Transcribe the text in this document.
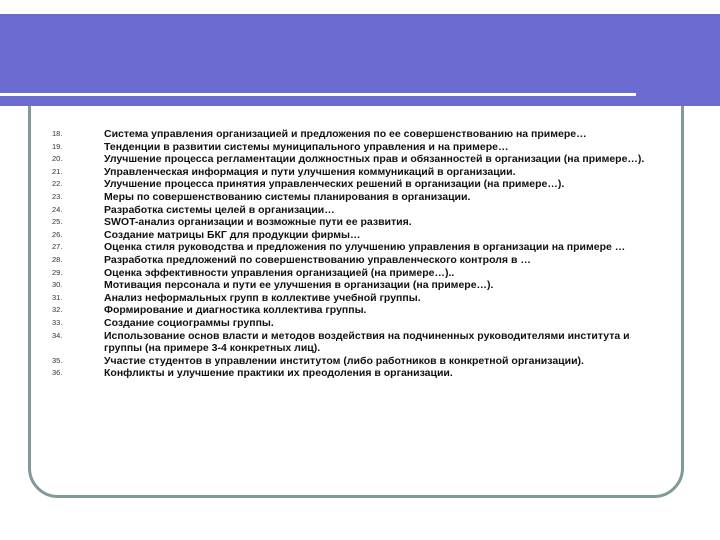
18.	Система управления организацией и предложения по ее совершенствованию на примере…
19.	Тенденции в развитии системы муниципального управления и на примере…
20.	Улучшение процесса регламентации должностных прав и обязанностей в организации (на примере…).
21.	Управленческая информация и пути улучшения коммуникаций в организации.
22.	Улучшение процесса принятия управленческих решений в организации (на примере…).
23.	Меры по совершенствованию системы планирования в организации.
24.	Разработка системы целей в организации…
25.	SWOT-анализ организации и возможные пути ее развития.
26.	Создание матрицы БКГ для продукции фирмы…
27.	Оценка стиля руководства и предложения по улучшению управления в организации на примере …
28.	Разработка предложений по совершенствованию управленческого контроля в …
29.	Оценка эффективности управления организацией (на примере…)..
30.	Мотивация персонала и пути ее улучшения в организации (на примере…).
31.	Анализ неформальных групп в коллективе учебной группы.
32.	Формирование и диагностика коллектива группы.
33.	Создание социограммы группы.
34.	Использование основ власти и методов воздействия на подчиненных руководителями института и группы (на примере 3-4 конкретных лиц).
35.	Участие студентов в управлении институтом (либо работников в конкретной организации).
36.	Конфликты и улучшение практики их преодоления в организации.
